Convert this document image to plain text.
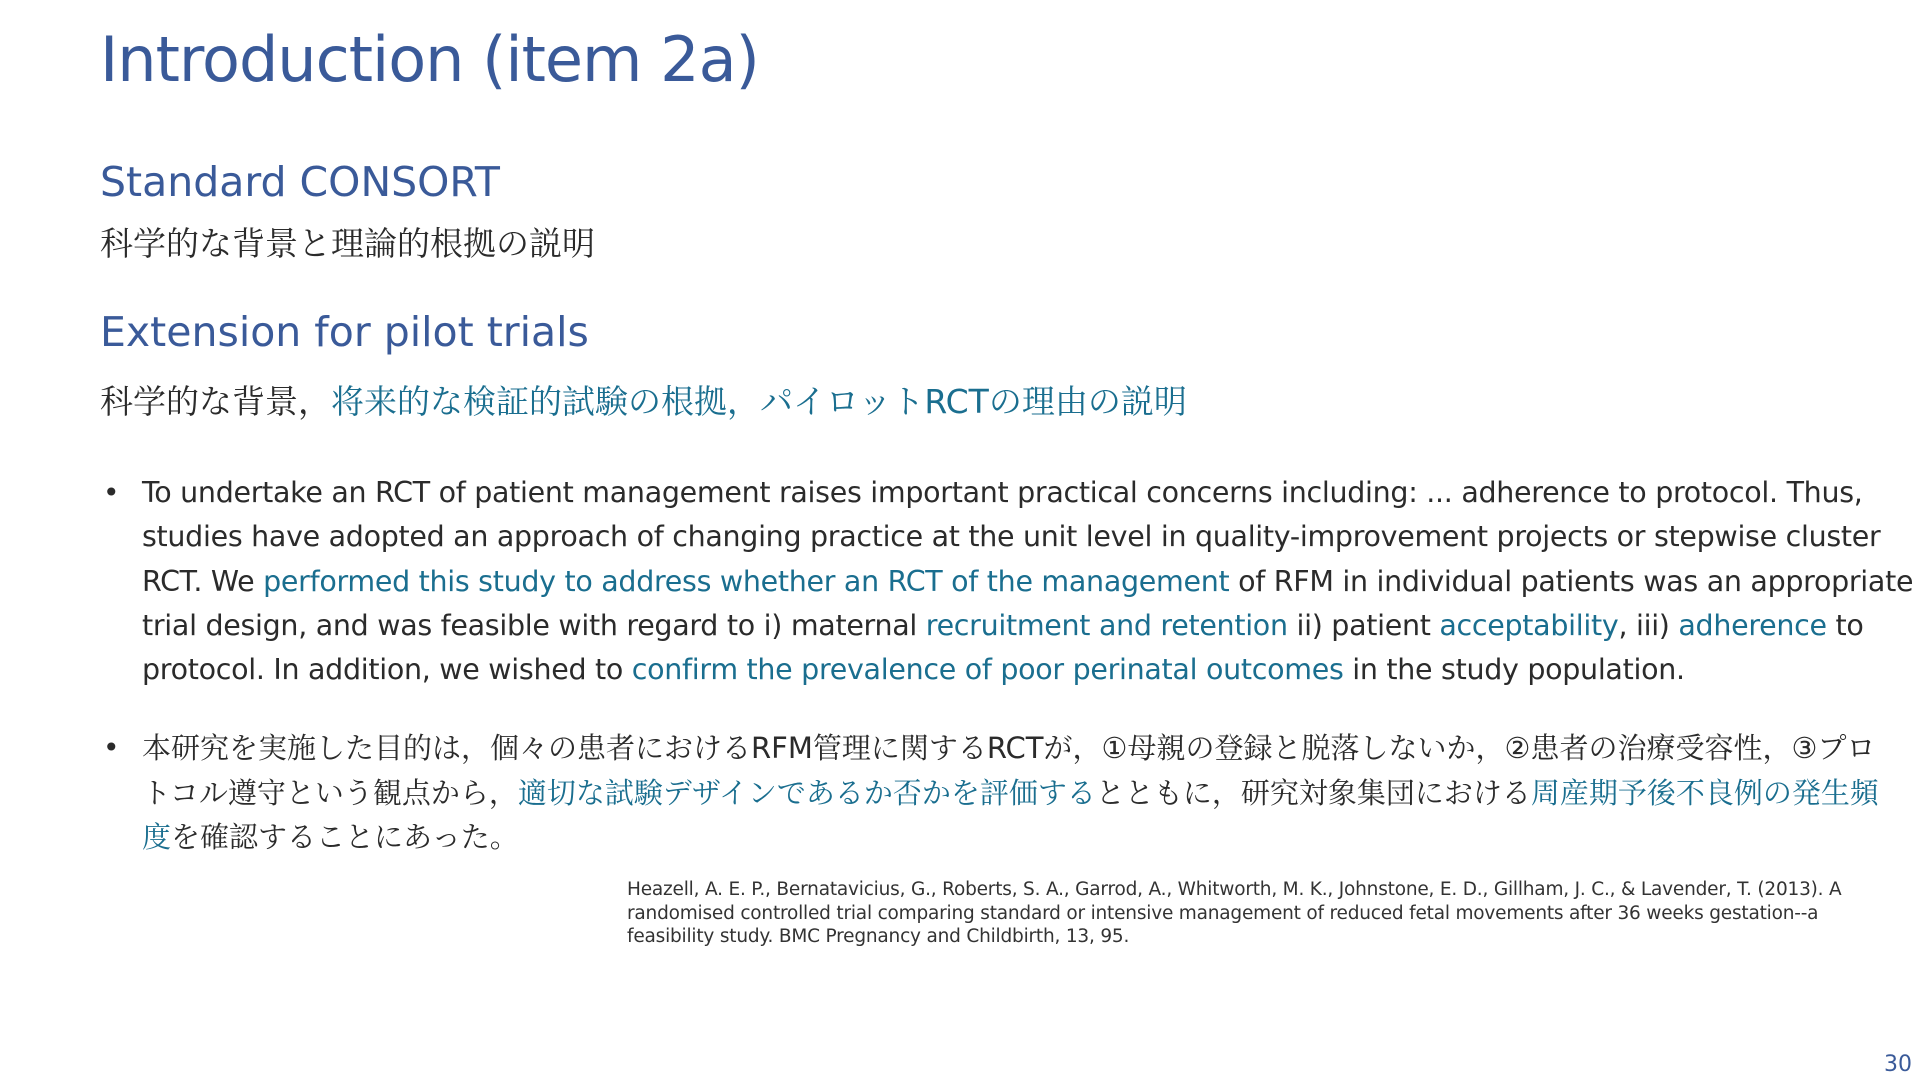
Introduction (item 2a)
Standard CONSORT
科学的な背景と理論的根拠の説明
Extension for pilot trials
科学的な背景，将来的な検証的試験の根拠，パイロットRCTの理由の説明
• To undertake an RCT of patient management raises important practical concerns including: ... adherence to protocol. Thus, studies have adopted an approach of changing practice at the unit level in quality-improvement projects or stepwise cluster RCT. We performed this study to address whether an RCT of the management of RFM in individual patients was an appropriate trial design, and was feasible with regard to i) maternal recruitment and retention ii) patient acceptability, iii) adherence to protocol. In addition, we wished to confirm the prevalence of poor perinatal outcomes in the study population.
• 本研究を実施した目的は，個々の患者におけるRFM管理に関するRCTが，①母親の登録と脱落しないか，②患者の治療受容性，③プロトコル遵守という観点から，適切な試験デザインであるか否かを評価するとともに，研究対象集団における周産期予後不良例の発生頻度を確認することにあった。
Heazell, A. E. P., Bernatavicius, G., Roberts, S. A., Garrod, A., Whitworth, M. K., Johnstone, E. D., Gillham, J. C., & Lavender, T. (2013). A randomised controlled trial comparing standard or intensive management of reduced fetal movements after 36 weeks gestation--a feasibility study. BMC Pregnancy and Childbirth, 13, 95.
30
